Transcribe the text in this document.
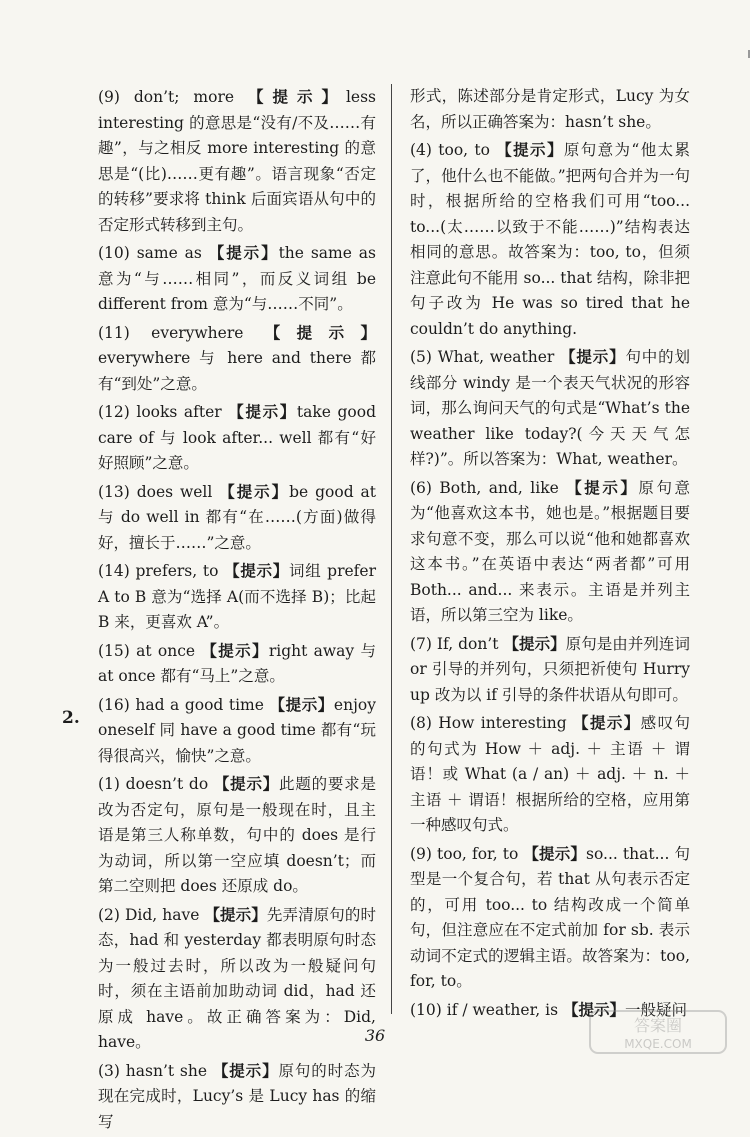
(9) don’t; more 【提示】less interesting 的意思是“没有/不及……有趣”，与之相反 more interesting 的意思是“(比)……更有趣”。语言现象“否定的转移”要求将 think 后面宾语从句中的否定形式转移到主句。
(10) same as 【提示】the same as 意为“与……相同”，而反义词组 be different from 意为“与……不同”。
(11) everywhere 【提示】everywhere 与 here and there 都有“到处”之意。
(12) looks after 【提示】take good care of 与 look after... well 都有“好好照顾”之意。
(13) does well 【提示】be good at 与 do well in 都有“在……(方面)做得好，擅长于……”之意。
(14) prefers, to 【提示】词组 prefer A to B 意为“选择 A(而不选择 B)；比起 B 来，更喜欢 A”。
(15) at once 【提示】right away 与 at once 都有“马上”之意。
(16) had a good time 【提示】enjoy oneself 同 have a good time 都有“玩得很高兴，愉快”之意。
(1) doesn’t do 【提示】此题的要求是改为否定句，原句是一般现在时，且主语是第三人称单数，句中的 does 是行为动词，所以第一空应填 doesn’t；而第二空则把 does 还原成 do。
(2) Did, have 【提示】先弄清原句的时态，had 和 yesterday 都表明原句时态为一般过去时，所以改为一般疑问句时，须在主语前加助动词 did，had 还原成 have。故正确答案为：Did, have。
(3) hasn’t she 【提示】原句的时态为现在完成时，Lucy’s 是 Lucy has 的缩写
2.
形式，陈述部分是肯定形式，Lucy 为女名，所以正确答案为：hasn’t she。
(4) too, to 【提示】原句意为“他太累了，他什么也不能做。”把两句合并为一句时，根据所给的空格我们可用“too... to...(太……以致于不能……)”结构表达相同的意思。故答案为：too, to，但须注意此句不能用 so... that 结构，除非把句子改为 He was so tired that he couldn’t do anything.
(5) What, weather 【提示】句中的划线部分 windy 是一个表天气状况的形容词，那么询问天气的句式是“What’s the weather like today?(今天天气怎样?)”。所以答案为：What, weather。
(6) Both, and, like 【提示】原句意为“他喜欢这本书，她也是。”根据题目要求句意不变，那么可以说“他和她都喜欢这本书。”在英语中表达“两者都”可用 Both... and... 来表示。主语是并列主语，所以第三空为 like。
(7) If, don’t 【提示】原句是由并列连词 or 引导的并列句，只须把祈使句 Hurry up 改为以 if 引导的条件状语从句即可。
(8) How interesting 【提示】感叹句的句式为 How ＋ adj. ＋ 主语 ＋ 谓语！或 What (a / an) ＋ adj. ＋ n. ＋ 主语 ＋ 谓语！根据所给的空格，应用第一种感叹句式。
(9) too, for, to 【提示】so... that... 句型是一个复合句，若 that 从句表示否定的，可用 too... to 结构改成一个简单句，但注意应在不定式前加 for sb. 表示动词不定式的逻辑主语。故答案为：too, for, to。
(10) if / weather, is 【提示】一般疑问
36
答案圈
MXQE.COM
